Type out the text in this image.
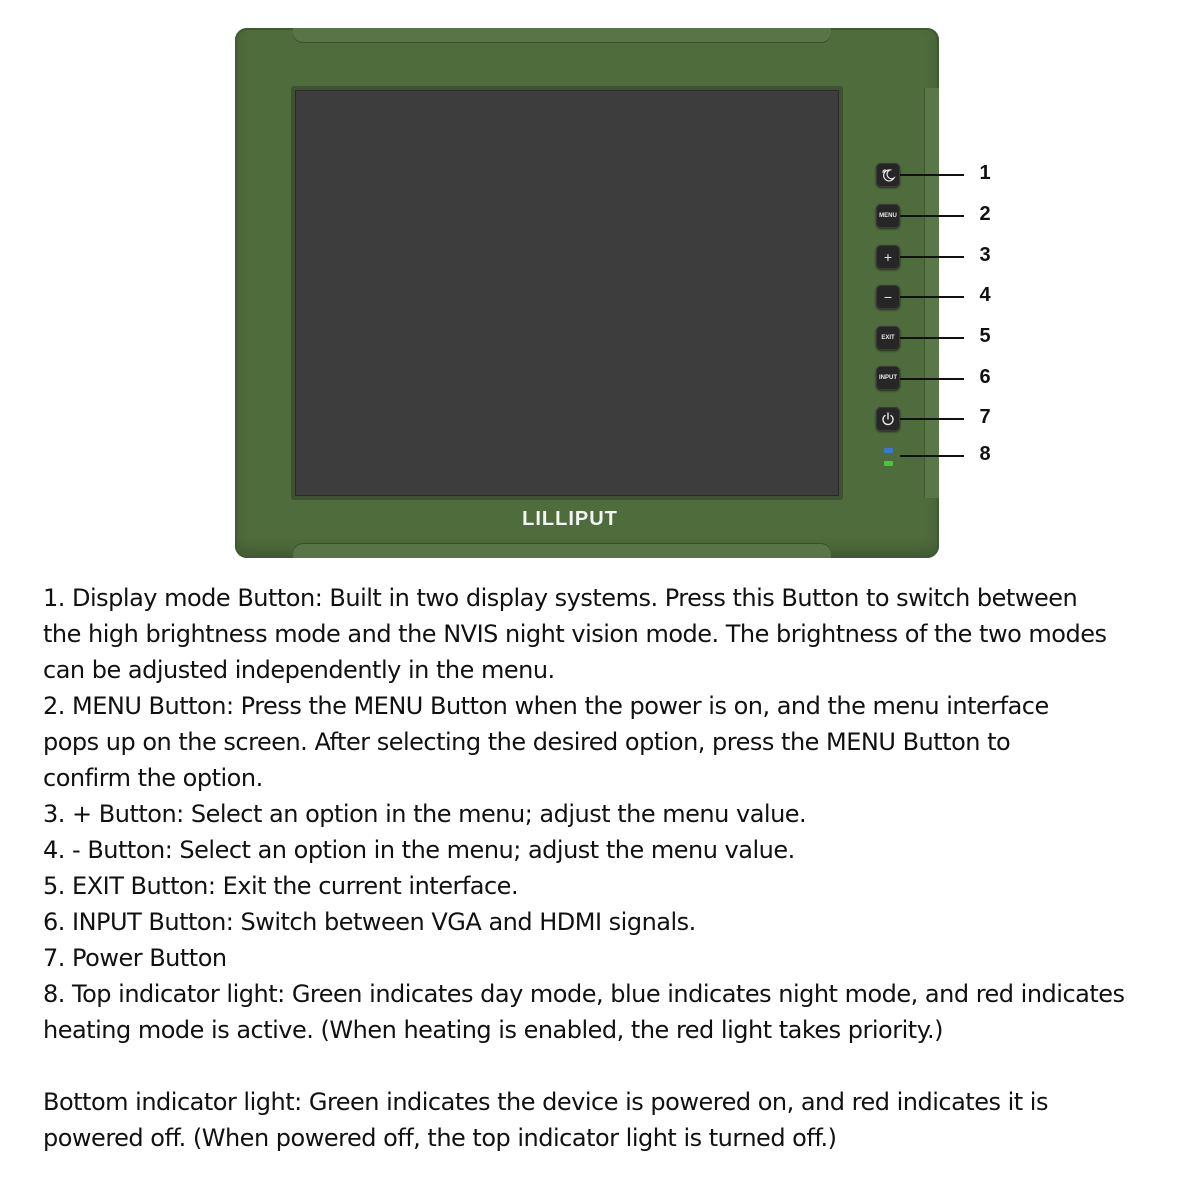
LILLIPUT
MENU
+
−
EXIT
INPUT
1
2
3
4
5
6
7
8

1. Display mode Button: Built in two display systems. Press this Button to switch between

the high brightness mode and the NVIS night vision mode. The brightness of the two modes

can be adjusted independently in the menu.

2. MENU Button: Press the MENU Button when the power is on, and the menu interface

pops up on the screen. After selecting the desired option, press the MENU Button to

confirm the option.

3. + Button: Select an option in the menu; adjust the menu value.

4. - Button: Select an option in the menu; adjust the menu value.

5. EXIT Button: Exit the current interface.

6. INPUT Button: Switch between VGA and HDMI signals.

7. Power Button

8. Top indicator light: Green indicates day mode, blue indicates night mode, and red indicates

heating mode is active. (When heating is enabled, the red light takes priority.)

Bottom indicator light: Green indicates the device is powered on, and red indicates it is

powered off. (When powered off, the top indicator light is turned off.)
